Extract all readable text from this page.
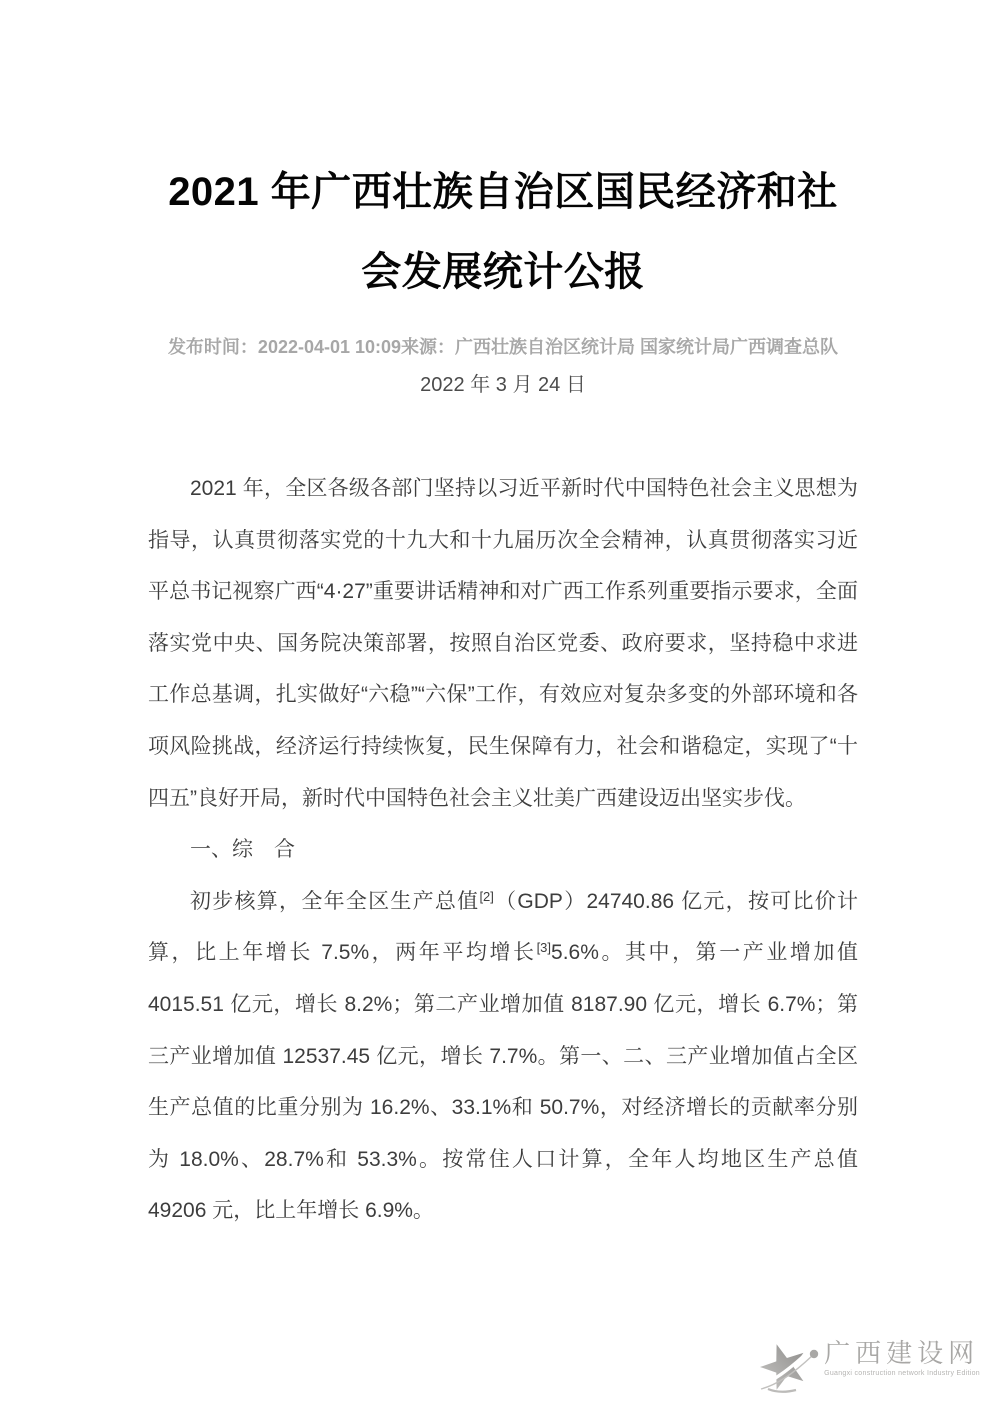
2021 年广西壮族自治区国民经济和社会发展统计公报
发布时间：2022-04-01 10:09来源：广西壮族自治区统计局 国家统计局广西调查总队
2022 年 3 月 24 日

2021 年，全区各级各部门坚持以习近平新时代中国特色社会主义思想为指导，认真贯彻落实党的十九大和十九届历次全会精神，认真贯彻落实习近平总书记视察广西“4·27”重要讲话精神和对广西工作系列重要指示要求，全面落实党中央、国务院决策部署，按照自治区党委、政府要求，坚持稳中求进工作总基调，扎实做好“六稳”“六保”工作，有效应对复杂多变的外部环境和各项风险挑战，经济运行持续恢复，民生保障有力，社会和谐稳定，实现了“十四五”良好开局，新时代中国特色社会主义壮美广西建设迈出坚实步伐。

一、综　合

初步核算，全年全区生产总值[2]（GDP）24740.86 亿元，按可比价计算，比上年增长 7.5%，两年平均增长[3]5.6%。其中，第一产业增加值 4015.51 亿元，增长 8.2%；第二产业增加值 8187.90 亿元，增长 6.7%；第三产业增加值 12537.45 亿元，增长 7.7%。第一、二、三产业增加值占全区生产总值的比重分别为 16.2%、33.1%和 50.7%，对经济增长的贡献率分别为 18.0%、28.7%和 53.3%。按常住人口计算，全年人均地区生产总值 49206 元，比上年增长 6.9%。

广西建设网
Guangxi construction network Industry Edition
